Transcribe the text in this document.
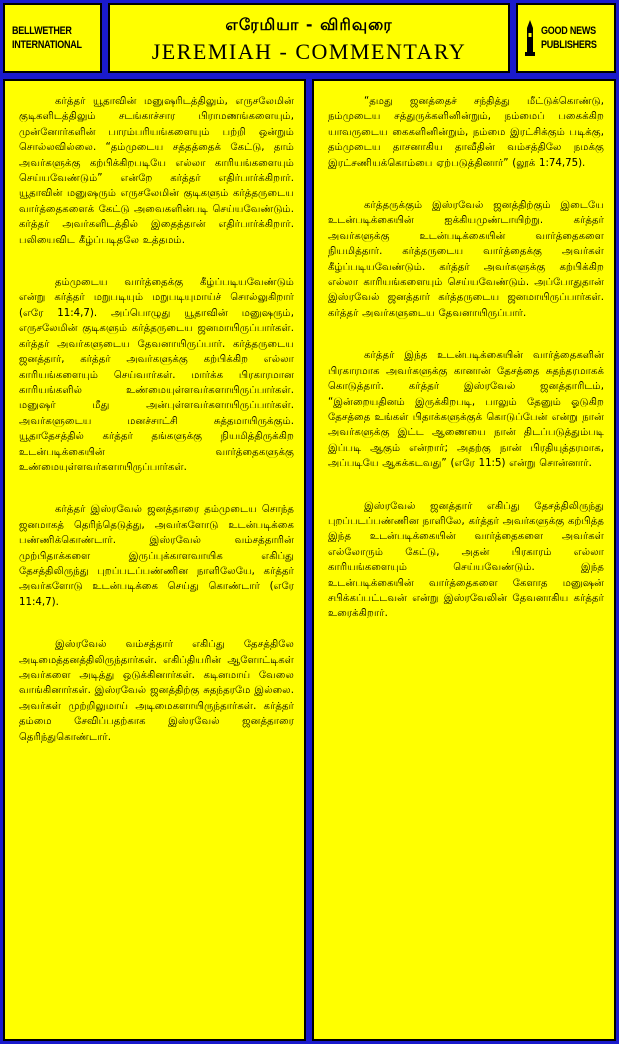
BELLWETHER
INTERNATIONAL
எரேமியா - விரிவுரை
JEREMIAH - COMMENTARY
GOOD NEWS
PUBLISHERS

கர்த்தர் யூதாவின் மனுஷரிடத்திலும், எருசலேமின் குடிகளிடத்திலும் சடங்காச்சார பிராமணங்களையும், முன்னோர்களின் பாரம்பரியங்களையும் பற்றி ஒன்றும் சொல்லவில்லை. “தம்முடைய சத்தத்தைக் கேட்டு, தாம் அவர்களுக்கு கற்பிக்கிறபடியே எல்லா காரியங்களையும் செய்யவேண்டும்” என்றே கர்த்தர் எதிர்பார்க்கிறார். யூதாவின் மனுஷரும் எருசலேமின் குடிகளும் கர்த்தருடைய வார்த்தைகளைக் கேட்டு அவைகளின்படி செய்யவேண்டும். கர்த்தர் அவர்களிடத்தில் இதைத்தான் எதிர்பார்க்கிறார். பலியைவிட கீழ்ப்படிதலே உத்தமம்.

தம்முடைய வார்த்தைக்கு கீழ்ப்படியவேண்டும் என்று கர்த்தர் மறுபடியும் மறுபடியுமாய்ச் சொல்லுகிறார் (எரே 11:4,7). அப்பொழுது யூதாவின் மனுஷரும், எருசலேமின் குடிகளும் கர்த்தருடைய ஜனமாயிருப்பார்கள். கர்த்தர் அவர்களுடைய தேவனாயிருப்பார். கர்த்தருடைய ஜனத்தார், கர்த்தர் அவர்களுக்கு கற்பிக்கிற எல்லா காரியங்களையும் செய்வார்கள். மார்க்க பிரகாரமான காரியங்களில் உண்மையுள்ளவர்களாயிருப்பார்கள். மனுஷர் மீது அன்புள்ளவர்களாயிருப்பார்கள். அவர்களுடைய மனச்சாட்சி சுத்தமாயிருக்கும். யூதாதேசத்தில் கர்த்தர் தங்களுக்கு நியமித்திருக்கிற உடன்படிக்கையின் வார்த்தைகளுக்கு உண்மையுள்ளவர்களாயிருப்பார்கள்.

கர்த்தர் இஸ்ரவேல் ஜனத்தாரை தம்முடைய சொந்த ஜனமாகத் தெரிந்தெடுத்து, அவர்களோடு உடன்படிக்கை பண்ணிக்கொண்டார். இஸ்ரவேல் வம்சத்தாரின் முற்பிதாக்களை இருப்புக்காளவாயிக எகிப்து தேசத்திலிருந்து புறப்படப்பண்ணின நாளிலேயே, கர்த்தர் அவர்களோடு உடன்படிக்கை செய்து கொண்டார் (எரே 11:4,7).

இஸ்ரவேல் வம்சத்தார் எகிப்து தேசத்திலே அடிமைத்தனத்திலிருந்தார்கள். எகிப்தியரின் ஆளோட்டிகள் அவர்களை அடித்து ஒடுக்கினார்கள். கடினமாய் வேலை வாங்கினார்கள். இஸ்ரவேல் ஜனத்திற்கு சுதந்தரமே இல்லை. அவர்கள் முற்றிலுமாய் அடிமைகளாயிருந்தார்கள். கர்த்தர் தம்மை சேவிப்பதற்காக இஸ்ரவேல் ஜனத்தாரை தெரிந்துகொண்டார்.

“தமது ஜனத்தைச் சந்தித்து மீட்டுக்கொண்டு, நம்முடைய சத்துருக்களினின்றும், நம்மைப் பகைக்கிற யாவருடைய கைகளினின்றும், நம்மை இரட்சிக்கும் படிக்கு, தம்முடைய தாசனாகிய தாவீதின் வம்சத்திலே நமக்கு இரட்சணியக்கொம்பை ஏற்படுத்தினார்” (லூக் 1:74,75).

கர்த்தருக்கும் இஸ்ரவேல் ஜனத்திற்கும் இடையே உடன்படிக்கையின் ஐக்கியமுண்டாயிற்று. கர்த்தர் அவர்களுக்கு உடன்படிக்கையின் வார்த்தைகளை நியமித்தார். கர்த்தருடைய வார்த்தைக்கு அவர்கள் கீழ்ப்படியவேண்டும். கர்த்தர் அவர்களுக்கு கற்பிக்கிற எல்லா காரியங்களையும் செய்யவேண்டும். அப்போதுதான் இஸ்ரவேல் ஜனத்தார் கர்த்தருடைய ஜனமாயிருப்பார்கள். கர்த்தர் அவர்களுடைய தேவனாயிருப்பார்.

கர்த்தர் இந்த உடன்படிக்கையின் வார்த்தைகளின் பிரகாரமாக அவர்களுக்கு கானான் தேசத்தை சுதந்தரமாகக் கொடுத்தார். கர்த்தர் இஸ்ரவேல் ஜனத்தாரிடம், “இன்றையதினம் இருக்கிறபடி, பாலும் தேனும் ஓடுகிற தேசத்தை உங்கள் பிதாக்களுக்குக் கொடுப்பேன் என்று நான் அவர்களுக்கு இட்ட ஆணையை நான் திடப்படுத்தும்படி இப்படி ஆகும் என்றார்; அதற்கு நான் பிரதியுத்தரமாக, அப்படியே ஆகக்கடவது” (எரே 11:5) என்று சொன்னார்.

இஸ்ரவேல் ஜனத்தார் எகிப்து தேசத்திலிருந்து புறப்படப்பண்ணின நாளிலே, கர்த்தர் அவர்களுக்கு கற்பித்த இந்த உடன்படிக்கையின் வார்த்தைகளை அவர்கள் எல்லோரும் கேட்டு, அதன் பிரகாரம் எல்லா காரியங்களையும் செய்யவேண்டும். இந்த உடன்படிக்கையின் வார்த்தைகளை கேளாத மனுஷன் சபிக்கப்பட்டவன் என்று இஸ்ரவேலின் தேவனாகிய கர்த்தர் உரைக்கிறார்.
